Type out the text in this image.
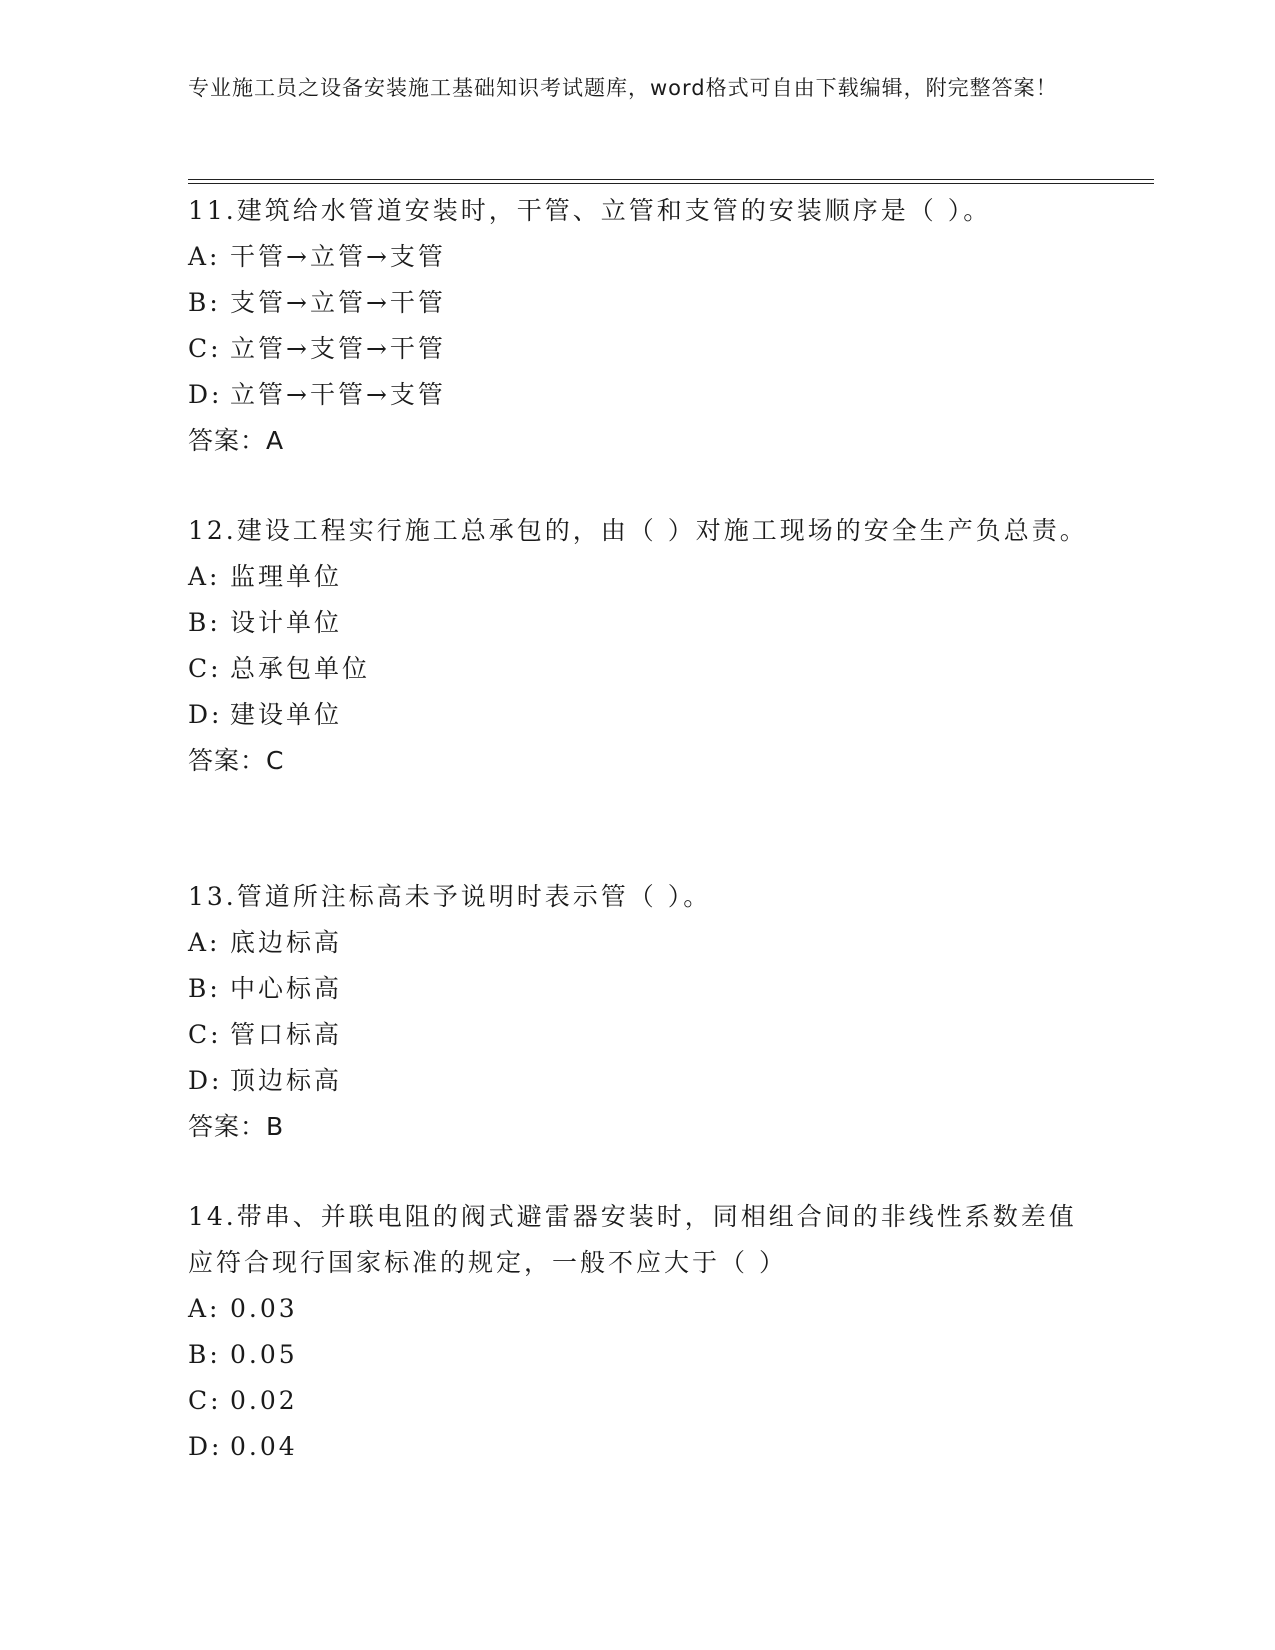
专业施工员之设备安装施工基础知识考试题库，word格式可自由下载编辑，附完整答案！

11.建筑给水管道安装时，干管、立管和支管的安装顺序是（ ）。

A: 干管→立管→支管

B: 支管→立管→干管

C: 立管→支管→干管

D: 立管→干管→支管

答案：A

12.建设工程实行施工总承包的，由（ ）对施工现场的安全生产负总责。

A: 监理单位

B: 设计单位

C: 总承包单位

D: 建设单位

答案：C

13.管道所注标高未予说明时表示管（ ）。

A: 底边标高

B: 中心标高

C: 管口标高

D: 顶边标高

答案：B

14.带串、并联电阻的阀式避雷器安装时，同相组合间的非线性系数差值应符合现行国家标准的规定，一般不应大于（ ）

A: 0.03

B: 0.05

C: 0.02

D: 0.04
